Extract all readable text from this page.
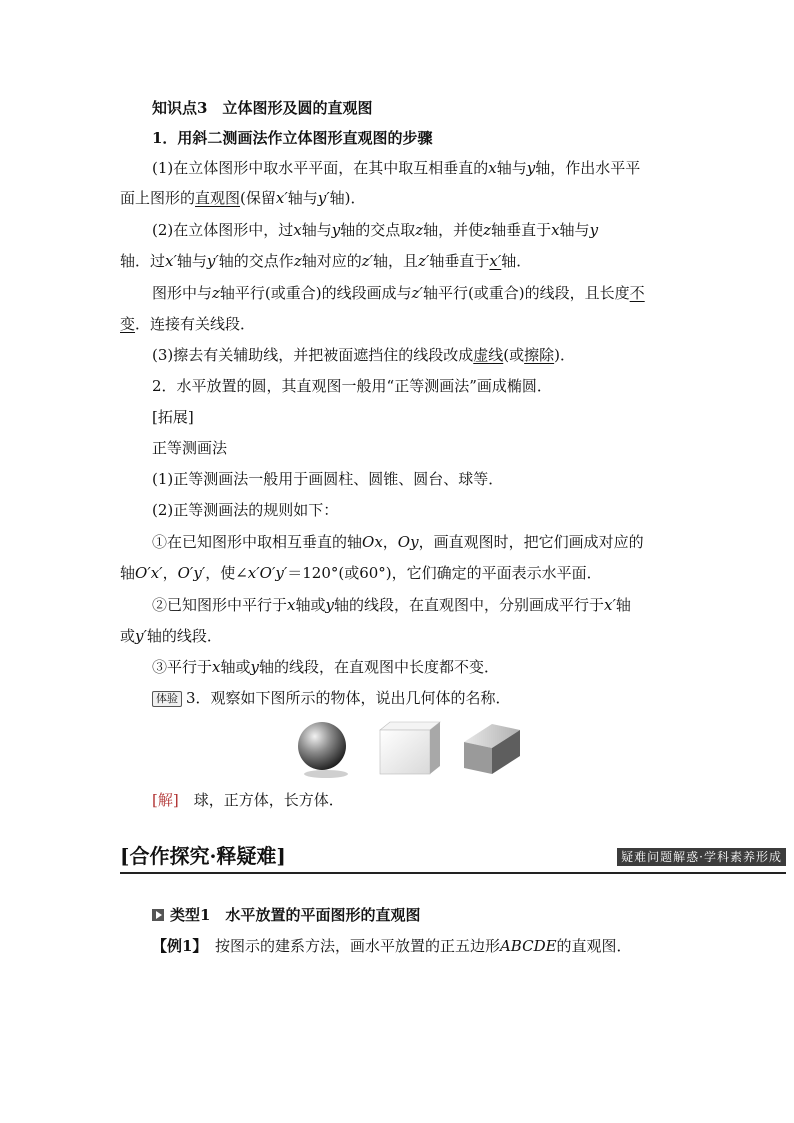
知识点3　立体图形及圆的直观图
1．用斜二测画法作立体图形直观图的步骤
(1)在立体图形中取水平平面，在其中取互相垂直的x轴与y轴，作出水平平
面上图形的直观图(保留x′轴与y′轴)．
(2)在立体图形中，过x轴与y轴的交点取z轴，并使z轴垂直于x轴与y
轴．过x′轴与y′轴的交点作z轴对应的z′轴，且z′轴垂直于x′轴．
图形中与z轴平行(或重合)的线段画成与z′轴平行(或重合)的线段，且长度不
变．连接有关线段．
(3)擦去有关辅助线，并把被面遮挡住的线段改成虚线(或擦除)．
2．水平放置的圆，其直观图一般用“正等测画法”画成椭圆．
[拓展]
正等测画法
(1)正等测画法一般用于画圆柱、圆锥、圆台、球等．
(2)正等测画法的规则如下：
①在已知图形中取相互垂直的轴Ox，Oy，画直观图时，把它们画成对应的
轴O′x′，O′y′，使∠x′O′y′＝120°(或60°)，它们确定的平面表示水平面．
②已知图形中平行于x轴或y轴的线段，在直观图中，分别画成平行于x′轴
或y′轴的线段．
③平行于x轴或y轴的线段，在直观图中长度都不变．
体验 3．观察如下图所示的物体，说出几何体的名称．
[解]　球，正方体，长方体．
[合作探究·释疑难]	疑难问题解惑·学科素养形成
类型1　水平放置的平面图形的直观图
【例1】　按图示的建系方法，画水平放置的正五边形ABCDE的直观图．
